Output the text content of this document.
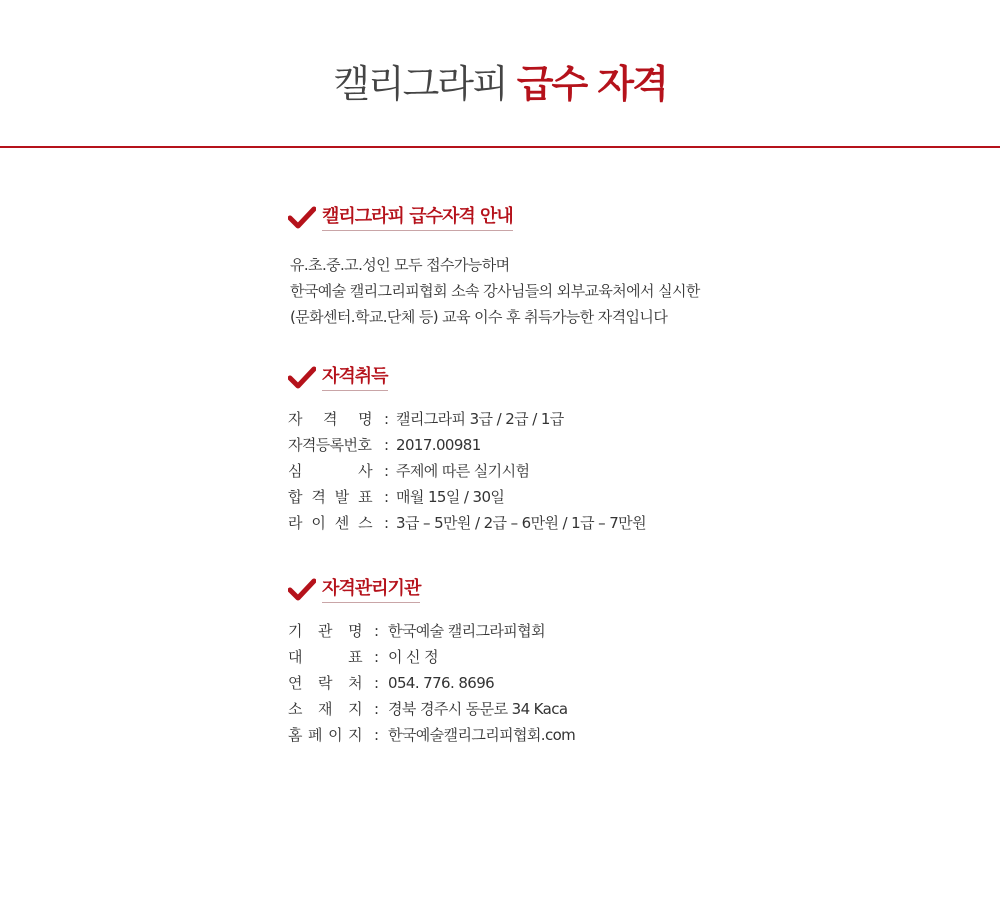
캘리그라피 급수 자격
캘리그라피 급수자격 안내
유.초.중.고.성인 모두 접수가능하며
한국예술 캘리그리피협회 소속 강사님들의 외부교육처에서 실시한
(문화센터.학교.단체 등) 교육 이수 후 취득가능한 자격입니다
자격취득
자 격 명 : 캘리그라피 3급 / 2급 / 1급
자격등록번호 : 2017.00981
심	사 : 주제에 따른 실기시험
합 격 발 표 : 매월 15일 / 30일
라 이 센 스 : 3급 – 5만원 / 2급 – 6만원 / 1급 – 7만원
자격관리기관
기 관 명 : 한국예술 캘리그라피협회
대	표 : 이 신 정
연 락 처 : 054. 776. 8696
소 재 지 : 경북 경주시 동문로 34 Kaca
홈 페 이 지 : 한국예술캘리그리피협회.com
